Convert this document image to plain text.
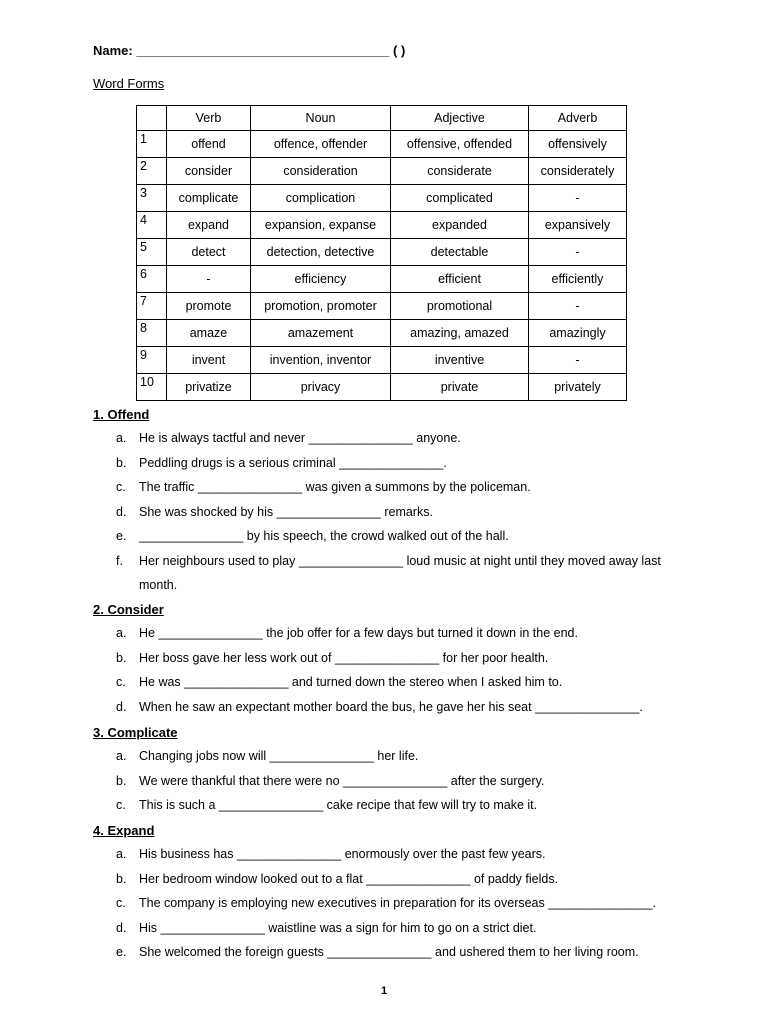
Name: ___________________________________ ( )
Word Forms
	Verb	Noun	Adjective	Adverb
1	offend	offence, offender	offensive, offended	offensively
2	consider	consideration	considerate	considerately
3	complicate	complication	complicated	-
4	expand	expansion, expanse	expanded	expansively
5	detect	detection, detective	detectable	-
6	-	efficiency	efficient	efficiently
7	promote	promotion, promoter	promotional	-
8	amaze	amazement	amazing, amazed	amazingly
9	invent	invention, inventor	inventive	-
10	privatize	privacy	private	privately
1. Offend
a. He is always tactful and never _______________ anyone.
b. Peddling drugs is a serious criminal _______________.
c. The traffic _______________ was given a summons by the policeman.
d. She was shocked by his _______________ remarks.
e. _______________ by his speech, the crowd walked out of the hall.
f. Her neighbours used to play _______________ loud music at night until they moved away last
month.
2. Consider
a. He _______________ the job offer for a few days but turned it down in the end.
b. Her boss gave her less work out of _______________ for her poor health.
c. He was _______________ and turned down the stereo when I asked him to.
d. When he saw an expectant mother board the bus, he gave her his seat _______________.
3. Complicate
a. Changing jobs now will _______________ her life.
b. We were thankful that there were no _______________ after the surgery.
c. This is such a _______________ cake recipe that few will try to make it.
4. Expand
a. His business has _______________ enormously over the past few years.
b. Her bedroom window looked out to a flat _______________ of paddy fields.
c. The company is employing new executives in preparation for its overseas _______________.
d. His _______________ waistline was a sign for him to go on a strict diet.
e. She welcomed the foreign guests _______________ and ushered them to her living room.
1
